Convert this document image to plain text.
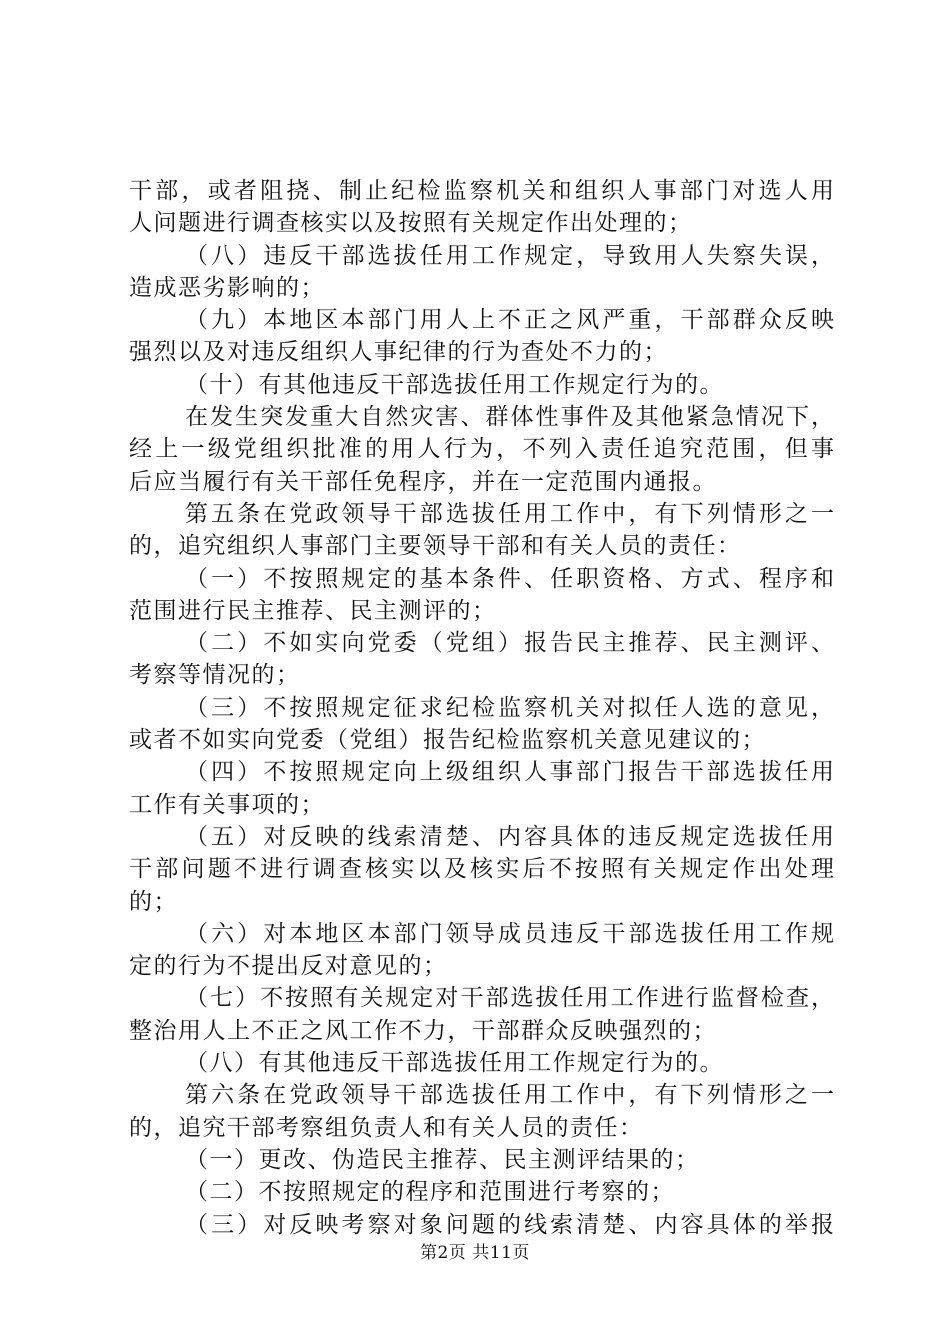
干部，或者阻挠、制止纪检监察机关和组织人事部门对选人用
人问题进行调查核实以及按照有关规定作出处理的；
（八）违反干部选拔任用工作规定，导致用人失察失误，
造成恶劣影响的；
（九）本地区本部门用人上不正之风严重，干部群众反映
强烈以及对违反组织人事纪律的行为查处不力的；
（十）有其他违反干部选拔任用工作规定行为的。
在发生突发重大自然灾害、群体性事件及其他紧急情况下，
经上一级党组织批准的用人行为，不列入责任追究范围，但事
后应当履行有关干部任免程序，并在一定范围内通报。
第五条在党政领导干部选拔任用工作中，有下列情形之一
的，追究组织人事部门主要领导干部和有关人员的责任：
（一）不按照规定的基本条件、任职资格、方式、程序和
范围进行民主推荐、民主测评的；
（二）不如实向党委（党组）报告民主推荐、民主测评、
考察等情况的；
（三）不按照规定征求纪检监察机关对拟任人选的意见，
或者不如实向党委（党组）报告纪检监察机关意见建议的；
（四）不按照规定向上级组织人事部门报告干部选拔任用
工作有关事项的；
（五）对反映的线索清楚、内容具体的违反规定选拔任用
干部问题不进行调查核实以及核实后不按照有关规定作出处理
的；
（六）对本地区本部门领导成员违反干部选拔任用工作规
定的行为不提出反对意见的；
（七）不按照有关规定对干部选拔任用工作进行监督检查，
整治用人上不正之风工作不力，干部群众反映强烈的；
（八）有其他违反干部选拔任用工作规定行为的。
第六条在党政领导干部选拔任用工作中，有下列情形之一
的，追究干部考察组负责人和有关人员的责任：
（一）更改、伪造民主推荐、民主测评结果的；
（二）不按照规定的程序和范围进行考察的；
（三）对反映考察对象问题的线索清楚、内容具体的举报
第2页 共11页
